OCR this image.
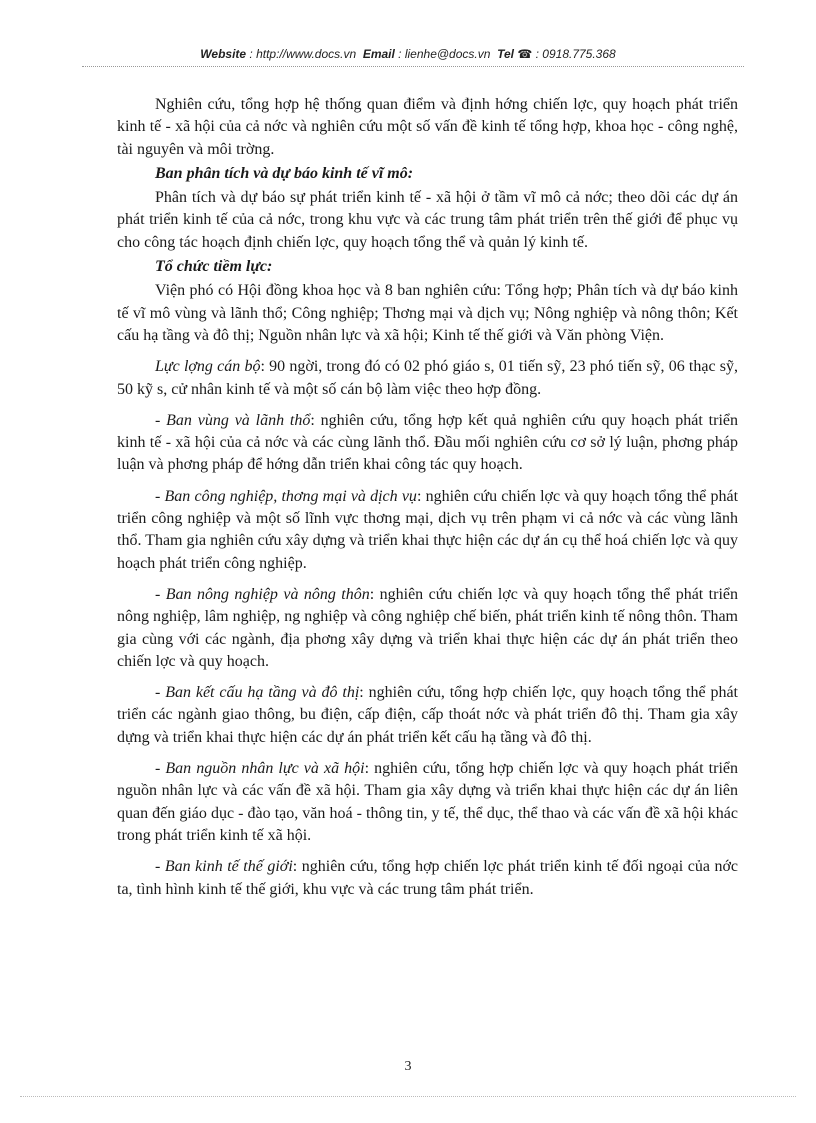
Website : http://www.docs.vn Email : lienhe@docs.vn Tel ☎ : 0918.775.368

Nghiên cứu, tổng hợp hệ thống quan điểm và định hớng chiến lợc, quy hoạch phát triển kinh tế - xã hội của cả nớc và nghiên cứu một số vấn đề kinh tế tổng hợp, khoa học - công nghệ, tài nguyên và môi trờng.

Ban phân tích và dự báo kinh tế vĩ mô:

Phân tích và dự báo sự phát triển kinh tế - xã hội ở tầm vĩ mô cả nớc; theo dõi các dự án phát triển kinh tế của cả nớc, trong khu vực và các trung tâm phát triển trên thế giới để phục vụ cho công tác hoạch định chiến lợc, quy hoạch tổng thể và quản lý kinh tế.

Tổ chức tiềm lực:

Viện phó có Hội đồng khoa học và 8 ban nghiên cứu: Tổng hợp; Phân tích và dự báo kinh tế vĩ mô vùng và lãnh thổ; Công nghiệp; Thơng mại và dịch vụ; Nông nghiệp và nông thôn; Kết cấu hạ tầng và đô thị; Nguồn nhân lực và xã hội; Kinh tế thế giới và Văn phòng Viện.

Lực lợng cán bộ: 90 ngời, trong đó có 02 phó giáo s, 01 tiến sỹ, 23 phó tiến sỹ, 06 thạc sỹ, 50 kỹ s, cử nhân kinh tế và một số cán bộ làm việc theo hợp đồng.

- Ban vùng và lãnh thổ: nghiên cứu, tổng hợp kết quả nghiên cứu quy hoạch phát triển kinh tế - xã hội của cả nớc và các cùng lãnh thổ. Đầu mối nghiên cứu cơ sở lý luận, phơng pháp luận và phơng pháp để hớng dẫn triển khai công tác quy hoạch.

- Ban công nghiệp, thơng mại và dịch vụ: nghiên cứu chiến lợc và quy hoạch tổng thể phát triển công nghiệp và một số lĩnh vực thơng mại, dịch vụ trên phạm vi cả nớc và các vùng lãnh thổ. Tham gia nghiên cứu xây dựng và triển khai thực hiện các dự án cụ thể hoá chiến lợc và quy hoạch phát triển công nghiệp.

- Ban nông nghiệp và nông thôn: nghiên cứu chiến lợc và quy hoạch tổng thể phát triển nông nghiệp, lâm nghiệp, ng nghiệp và công nghiệp chế biến, phát triển kinh tế nông thôn. Tham gia cùng với các ngành, địa phơng xây dựng và triển khai thực hiện các dự án phát triển theo chiến lợc và quy hoạch.

- Ban kết cấu hạ tầng và đô thị: nghiên cứu, tổng hợp chiến lợc, quy hoạch tổng thể phát triển các ngành giao thông, bu điện, cấp điện, cấp thoát nớc và phát triển đô thị. Tham gia xây dựng và triển khai thực hiện các dự án phát triển kết cấu hạ tầng và đô thị.

- Ban nguồn nhân lực và xã hội: nghiên cứu, tổng hợp chiến lợc và quy hoạch phát triển nguồn nhân lực và các vấn đề xã hội. Tham gia xây dựng và triển khai thực hiện các dự án liên quan đến giáo dục - đào tạo, văn hoá - thông tin, y tế, thể dục, thể thao và các vấn đề xã hội khác trong phát triển kinh tế xã hội.

- Ban kinh tế thế giới: nghiên cứu, tổng hợp chiến lợc phát triển kinh tế đối ngoại của nớc ta, tình hình kinh tế thế giới, khu vực và các trung tâm phát triển.

3
